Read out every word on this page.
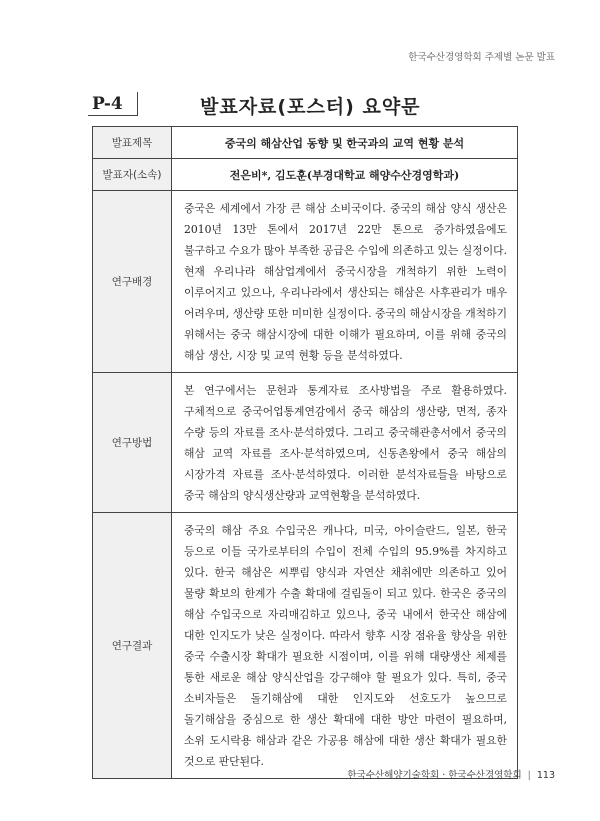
한국수산경영학회 주제별 논문 발표
P-4	발표자료(포스터) 요약문
발표제목	중국의 해삼산업 동향 및 한국과의 교역 현황 분석
발표자(소속)	전은비*, 김도훈(부경대학교 해양수산경영학과)
연구배경	중국은 세계에서 가장 큰 해삼 소비국이다. 중국의 해삼 양식 생산은 2010년 13만 톤에서 2017년 22만 톤으로 증가하였음에도 불구하고 수요가 많아 부족한 공급은 수입에 의존하고 있는 실정이다. 현재 우리나라 해삼업계에서 중국시장을 개척하기 위한 노력이 이루어지고 있으나, 우리나라에서 생산되는 해삼은 사후관리가 매우 어려우며, 생산량 또한 미미한 실정이다. 중국의 해삼시장을 개척하기 위해서는 중국 해삼시장에 대한 이해가 필요하며, 이를 위해 중국의 해삼 생산, 시장 및 교역 현황 등을 분석하였다.
연구방법	본 연구에서는 문헌과 통계자료 조사방법을 주로 활용하였다. 구체적으로 중국어업통계연감에서 중국 해삼의 생산량, 면적, 종자 수량 등의 자료를 조사·분석하였다. 그리고 중국해관총서에서 중국의 해삼 교역 자료를 조사·분석하였으며, 신동촌왕에서 중국 해삼의 시장가격 자료를 조사·분석하였다. 이러한 분석자료들을 바탕으로 중국 해삼의 양식생산량과 교역현황을 분석하였다.
연구결과	중국의 해삼 주요 수입국은 캐나다, 미국, 아이슬란드, 일본, 한국 등으로 이들 국가로부터의 수입이 전체 수입의 95.9%를 차지하고 있다. 한국 해삼은 씨뿌림 양식과 자연산 채취에만 의존하고 있어 물량 확보의 한계가 수출 확대에 걸림돌이 되고 있다. 한국은 중국의 해삼 수입국으로 자리매김하고 있으나, 중국 내에서 한국산 해삼에 대한 인지도가 낮은 실정이다. 따라서 향후 시장 점유율 향상을 위한 중국 수출시장 확대가 필요한 시점이며, 이를 위해 대량생산 체제를 통한 새로운 해삼 양식산업을 강구해야 할 필요가 있다. 특히, 중국 소비자들은 돌기해삼에 대한 인지도와 선호도가 높으므로 돌기해삼을 중심으로 한 생산 확대에 대한 방안 마련이 필요하며, 소위 도시락용 해삼과 같은 가공용 해삼에 대한 생산 확대가 필요한 것으로 판단된다.
한국수산해양기술학회 · 한국수산경영학회 | 113
